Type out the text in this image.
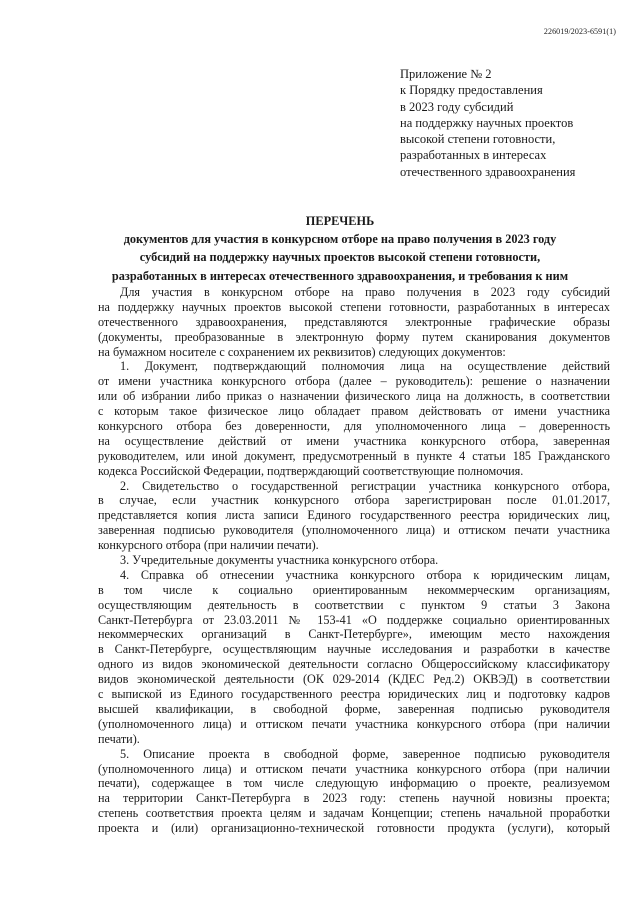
226019/2023-6591(1)
Приложение № 2
к Порядку предоставления
в 2023 году субсидий
на поддержку научных проектов
высокой степени готовности,
разработанных в интересах
отечественного здравоохранения
ПЕРЕЧЕНЬ
документов для участия в конкурсном отборе на право получения в 2023 году
субсидий на поддержку научных проектов высокой степени готовности,
разработанных в интересах отечественного здравоохранения, и требования к ним
Для участия в конкурсном отборе на право получения в 2023 году субсидий
на поддержку научных проектов высокой степени готовности, разработанных в интересах
отечественного здравоохранения, представляются электронные графические образы
(документы, преобразованные в электронную форму путем сканирования документов
на бумажном носителе с сохранением их реквизитов) следующих документов:
1. Документ, подтверждающий полномочия лица на осуществление действий
от имени участника конкурсного отбора (далее – руководитель): решение о назначении
или об избрании либо приказ о назначении физического лица на должность, в соответствии
с которым такое физическое лицо обладает правом действовать от имени участника
конкурсного отбора без доверенности, для уполномоченного лица – доверенность
на осуществление действий от имени участника конкурсного отбора, заверенная
руководителем, или иной документ, предусмотренный в пункте 4 статьи 185 Гражданского
кодекса Российской Федерации, подтверждающий соответствующие полномочия.
2. Свидетельство о государственной регистрации участника конкурсного отбора,
в случае, если участник конкурсного отбора зарегистрирован после 01.01.2017,
представляется копия листа записи Единого государственного реестра юридических лиц,
заверенная подписью руководителя (уполномоченного лица) и оттиском печати участника
конкурсного отбора (при наличии печати).
3. Учредительные документы участника конкурсного отбора.
4. Справка об отнесении участника конкурсного отбора к юридическим лицам,
в том числе к социально ориентированным некоммерческим организациям,
осуществляющим деятельность в соответствии с пунктом 9 статьи 3 Закона
Санкт-Петербурга от 23.03.2011 № 153-41 «О поддержке социально ориентированных
некоммерческих организаций в Санкт-Петербурге», имеющим место нахождения
в Санкт-Петербурге, осуществляющим научные исследования и разработки в качестве
одного из видов экономической деятельности согласно Общероссийскому классификатору
видов экономической деятельности (ОК 029-2014 (КДЕС Ред.2) ОКВЭД) в соответствии
с выпиской из Единого государственного реестра юридических лиц и подготовку кадров
высшей квалификации, в свободной форме, заверенная подписью руководителя
(уполномоченного лица) и оттиском печати участника конкурсного отбора (при наличии
печати).
5. Описание проекта в свободной форме, заверенное подписью руководителя
(уполномоченного лица) и оттиском печати участника конкурсного отбора (при наличии
печати), содержащее в том числе следующую информацию о проекте, реализуемом
на территории Санкт-Петербурга в 2023 году: степень научной новизны проекта;
степень соответствия проекта целям и задачам Концепции; степень начальной проработки
проекта и (или) организационно-технической готовности продукта (услуги), который
